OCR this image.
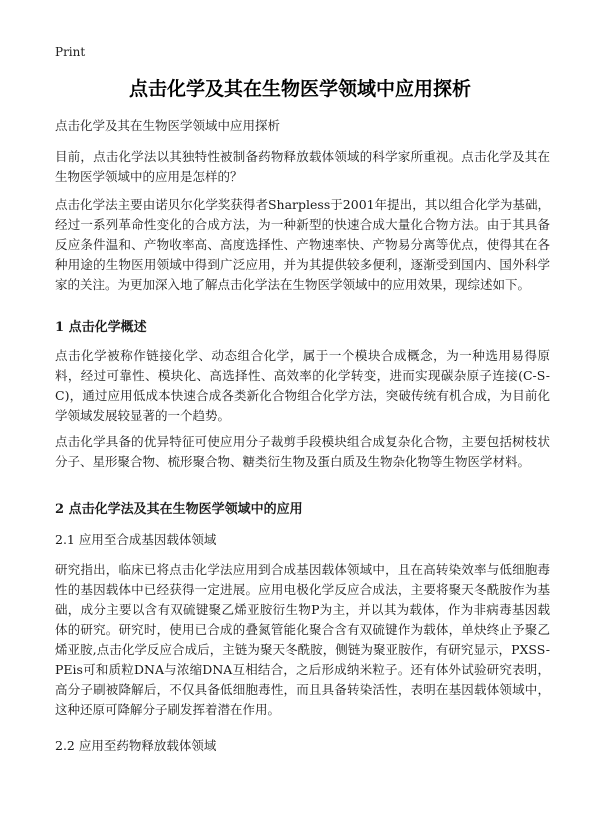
Print
点击化学及其在生物医学领域中应用探析
点击化学及其在生物医学领域中应用探析
目前，点击化学法以其独特性被制备药物释放载体领域的科学家所重视。点击化学及其在生物医学领域中的应用是怎样的？
点击化学法主要由诺贝尔化学奖获得者Sharpless于2001年提出，其以组合化学为基础，经过一系列革命性变化的合成方法，为一种新型的快速合成大量化合物方法。由于其具备反应条件温和、产物收率高、高度选择性、产物速率快、产物易分离等优点，使得其在各种用途的生物医用领域中得到广泛应用，并为其提供较多便利，逐渐受到国内、国外科学家的关注。为更加深入地了解点击化学法在生物医学领域中的应用效果，现综述如下。
1 点击化学概述
点击化学被称作链接化学、动态组合化学，属于一个模块合成概念，为一种选用易得原料，经过可靠性、模块化、高选择性、高效率的化学转变，进而实现碳杂原子连接(C-S-C)，通过应用低成本快速合成各类新化合物组合化学方法，突破传统有机合成，为目前化学领域发展较显著的一个趋势。
点击化学具备的优异特征可使应用分子裁剪手段模块组合成复杂化合物，主要包括树枝状分子、星形聚合物、梳形聚合物、糖类衍生物及蛋白质及生物杂化物等生物医学材料。
2 点击化学法及其在生物医学领域中的应用
2.1 应用至合成基因载体领域
研究指出，临床已将点击化学法应用到合成基因载体领域中，且在高转染效率与低细胞毒性的基因载体中已经获得一定进展。应用电极化学反应合成法，主要将聚天冬酰胺作为基础，成分主要以含有双硫键聚乙烯亚胺衍生物P为主，并以其为载体，作为非病毒基因载体的研究。研究时，使用已合成的叠氮管能化聚合含有双硫键作为载体，单炔终止予聚乙烯亚胺,点击化学反应合成后，主链为聚天冬酰胺，侧链为聚亚胺作，有研究显示，PXSS-PEis可和质粒DNA与浓缩DNA互相结合，之后形成纳米粒子。还有体外试验研究表明，高分子刷被降解后，不仅具备低细胞毒性，而且具备转染活性，表明在基因载体领域中，这种还原可降解分子刷发挥着潜在作用。
2.2 应用至药物释放载体领域
